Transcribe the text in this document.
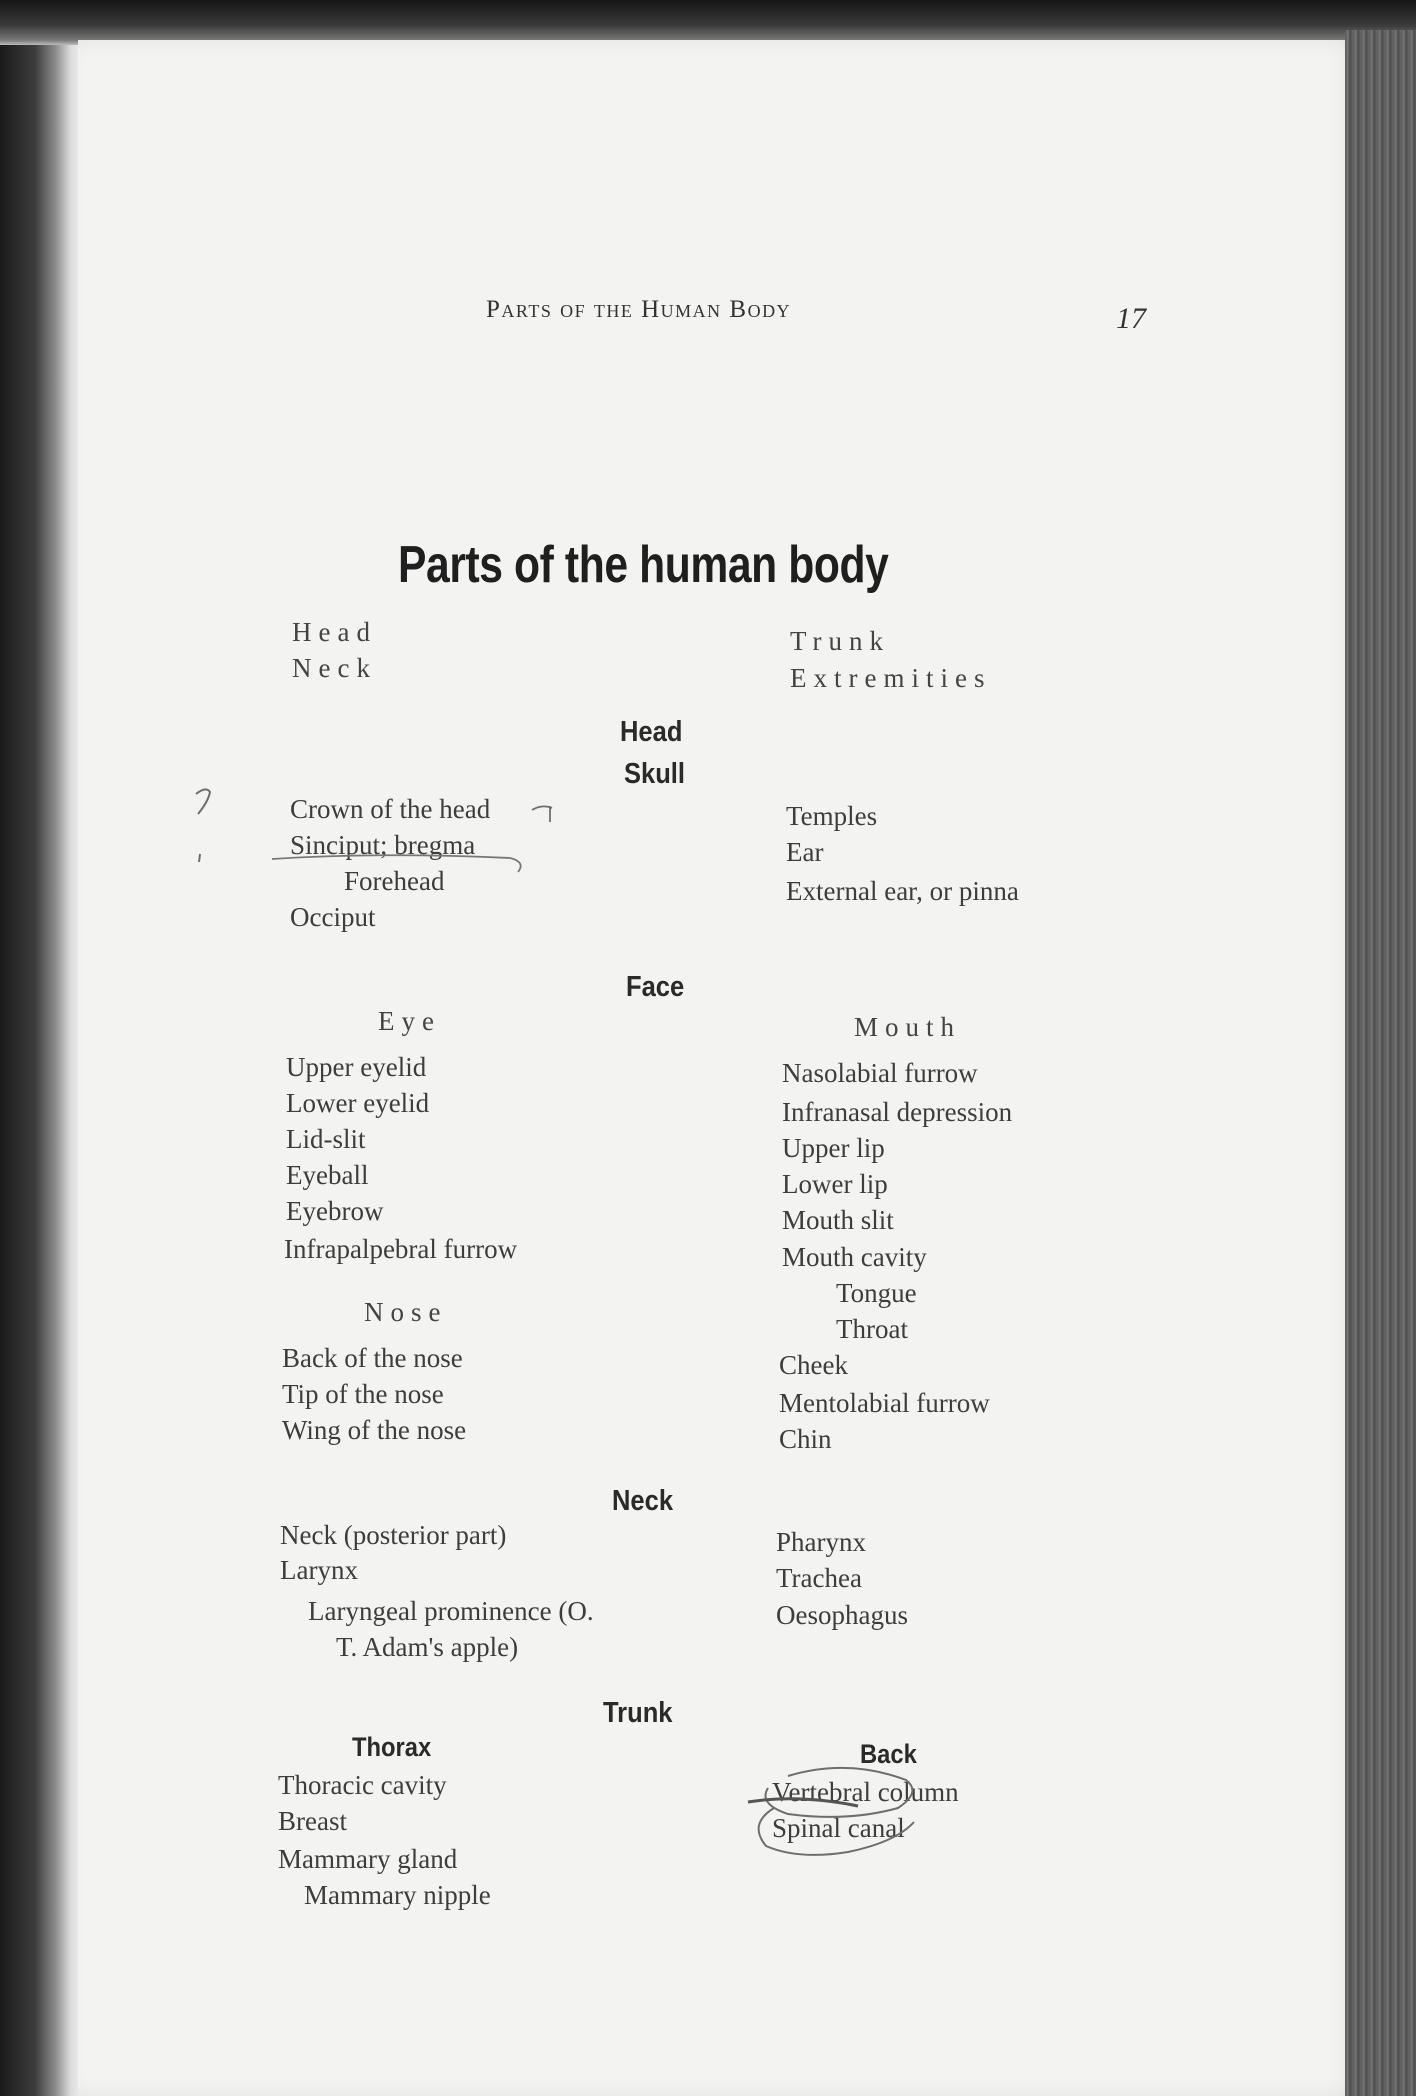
Parts of the Human Body	17
Parts of the human body
Head
Neck
Trunk
Extremities
Head
Skull
Crown of the head
Sinciput; bregma
Forehead
Occiput
Temples
Ear
External ear, or pinna
Face
Eye
Upper eyelid
Lower eyelid
Lid-slit
Eyeball
Eyebrow
Infrapalpebral furrow
Nose
Back of the nose
Tip of the nose
Wing of the nose
Mouth
Nasolabial furrow
Infranasal depression
Upper lip
Lower lip
Mouth slit
Mouth cavity
Tongue
Throat
Cheek
Mentolabial furrow
Chin
Neck
Neck (posterior part)
Larynx
Laryngeal prominence (O.
T. Adam's apple)
Pharynx
Trachea
Oesophagus
Trunk
Thorax
Thoracic cavity
Breast
Mammary gland
Mammary nipple
Back
Vertebral column
Spinal canal
